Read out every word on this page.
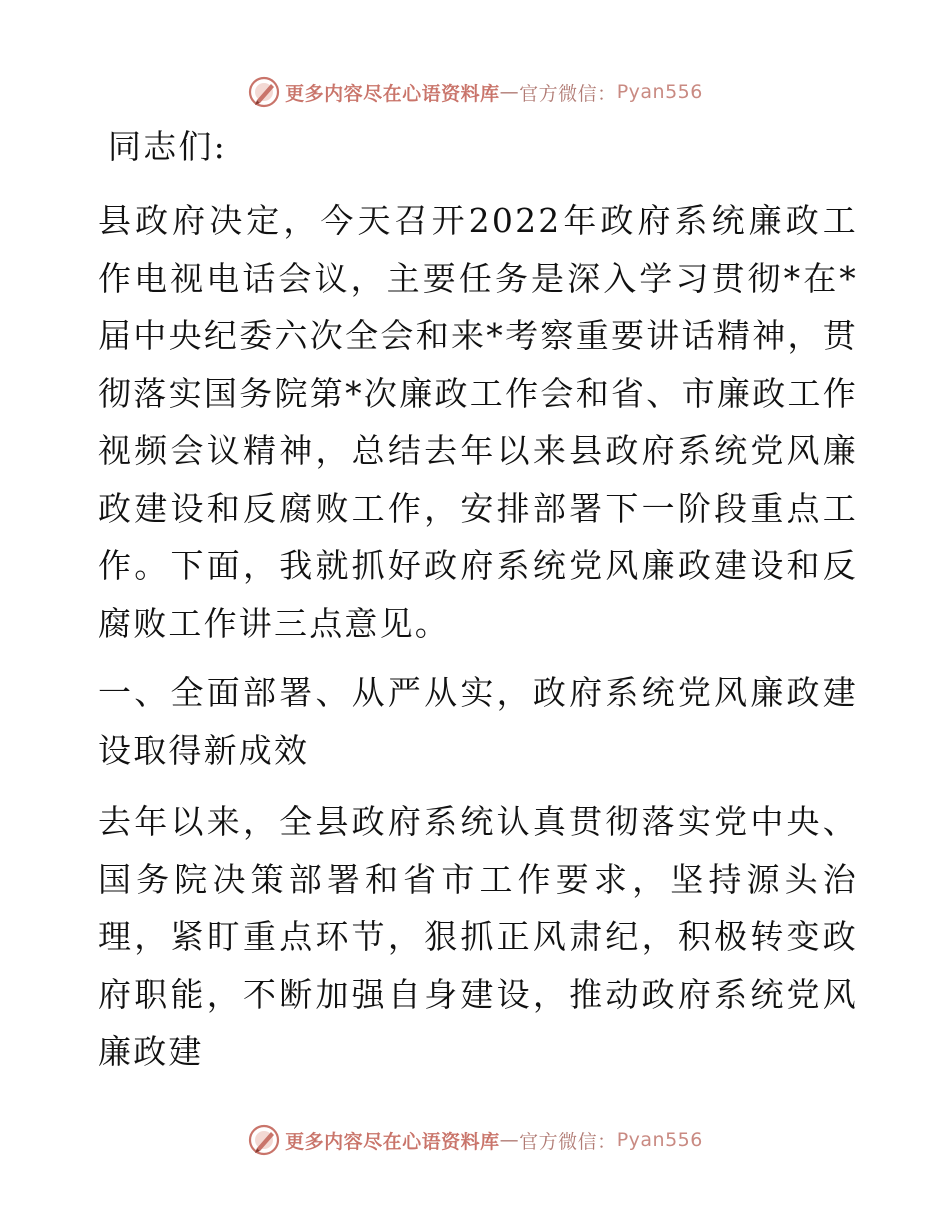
更多内容尽在心语资料库 — 官方微信： Pyan556

同志们:

县政府决定，今天召开2022年政府系统廉政工作电视电话会议，主要任务是深入学习贯彻*在*届中央纪委六次全会和来*考察重要讲话精神，贯彻落实国务院第*次廉政工作会和省、市廉政工作视频会议精神，总结去年以来县政府系统党风廉政建设和反腐败工作，安排部署下一阶段重点工作。下面，我就抓好政府系统党风廉政建设和反腐败工作讲三点意见。

一、全面部署、从严从实，政府系统党风廉政建设取得新成效

去年以来，全县政府系统认真贯彻落实党中央、国务院决策部署和省市工作要求，坚持源头治理，紧盯重点环节，狠抓正风肃纪，积极转变政府职能，不断加强自身建设，推动政府系统党风廉政建

更多内容尽在心语资料库 — 官方微信： Pyan556
